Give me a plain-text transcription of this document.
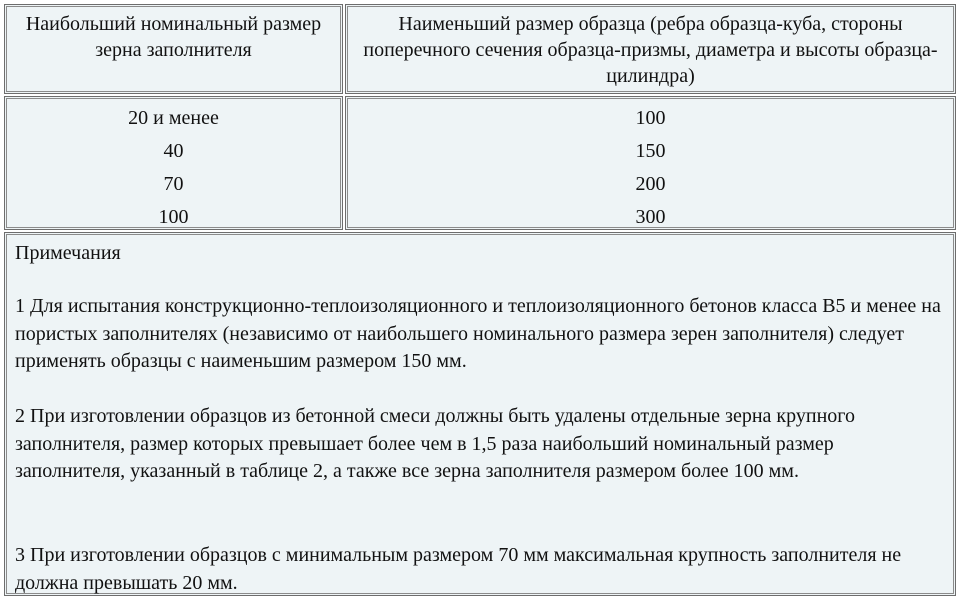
Наибольший номинальный размер зерна заполнителя
Наименьший размер образца (ребра образца-куба, стороны поперечного сечения образца-призмы, диаметра и высоты образца-цилиндра)
20 и менее
40
70
100
100
150
200
300
Примечания
1 Для испытания конструкционно-теплоизоляционного и теплоизоляционного бетонов класса В5 и менее на пористых заполнителях (независимо от наибольшего номинального размера зерен заполнителя) следует применять образцы с наименьшим размером 150 мм.
2 При изготовлении образцов из бетонной смеси должны быть удалены отдельные зерна крупного заполнителя, размер которых превышает более чем в 1,5 раза наибольший номинальный размер заполнителя, указанный в таблице 2, а также все зерна заполнителя размером более 100 мм.
3 При изготовлении образцов с минимальным размером 70 мм максимальная крупность заполнителя не должна превышать 20 мм.
